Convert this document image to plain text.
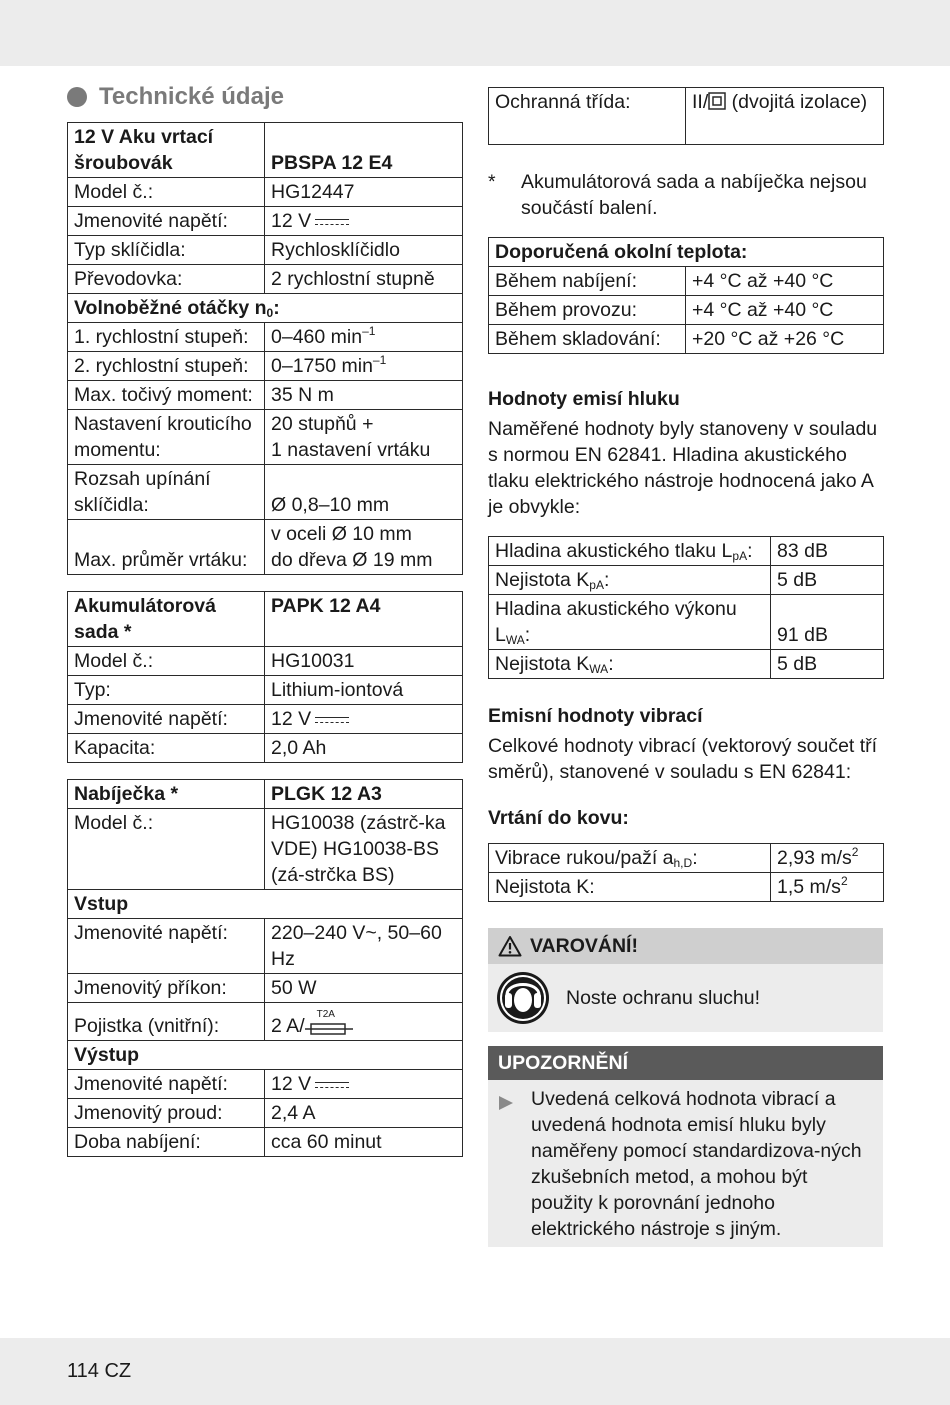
Technické údaje
12 V Aku vrtací šroubovák	PBSPA 12 E4
Model č.:	HG12447
Jmenovité napětí:	12 V
Typ sklíčidla:	Rychlosklíčidlo
Převodovka:	2 rychlostní stupně
Volnoběžné otáčky $n_0$:	
1. rychlostní stupeň:	0–460 $\min^{-1}$
2. rychlostní stupeň:	0–1750 $\min^{-1}$
Max. točivý moment:	35 N m
Nastavení krouticího momentu:	20 stupňů +
1 nastavení vrtáku

Rozsah upínání sklíčidla:	Ø 0,8–10 mm
Max. průměr vrtáku:	v oceli Ø 10 mm
do dřeva Ø 19 mm
Akumulátorová sada *	PAPK 12 A4
Model č.:	HG10031
Typ:	Lithium-iontová
Jmenovité napětí:	12 V
Kapacita:	2,0 Ah
Nabíječka *	PLGK 12 A3
Model č.:	HG10038 (zástrč-ka VDE) HG10038-BS (zá-strčka BS)
Vstup	
Jmenovité napětí:	220–240 V~, 50–60 Hz
Jmenovitý příkon:	50 W
Pojistka (vnitřní):	2 A/
T2A

Výstup	
Jmenovité napětí:	12 V
Jmenovitý proud:	2,4 A
Doba nabíjení:	cca 60 minut
Ochranná třída:	II/ (dvojitá izolace)
*	Akumulátorová sada a nabíječka nejsou součástí balení.
Doporučená okolní teplota:	
Během nabíjení:	+4 °C až +40 °C
Během provozu:	+4 °C až +40 °C
Během skladování:	+20 °C až +26 °C
Hodnoty emisí hluku
Naměřené hodnoty byly stanoveny v souladu s normou EN 62841. Hladina akustického tlaku elektrického nástroje hodnocená jako A je obvykle:
Hladina akustického tlaku $L_{pA}$:	83 dB
Nejistota $K_{pA}$:	5 dB
Hladina akustického výkonu $L_{WA}$:	91 dB
Nejistota $K_{WA}$:	5 dB
Emisní hodnoty vibrací
Celkové hodnoty vibrací (vektorový součet tří směrů), stanovené v souladu s EN 62841:
Vrtání do kovu:
Vibrace rukou/paží $a_{h,D}$:	2,93 $m/s^2$
Nejistota K:	1,5 $m/s^2$
VAROVÁNÍ!
Noste ochranu sluchu!
UPOZORNĚNÍ
Uvedená celková hodnota vibrací a uvedená hodnota emisí hluku byly naměřeny pomocí standardizova-ných zkušebních metod, a mohou být použity k porovnání jednoho elektrického nástroje s jiným.
114 CZ
